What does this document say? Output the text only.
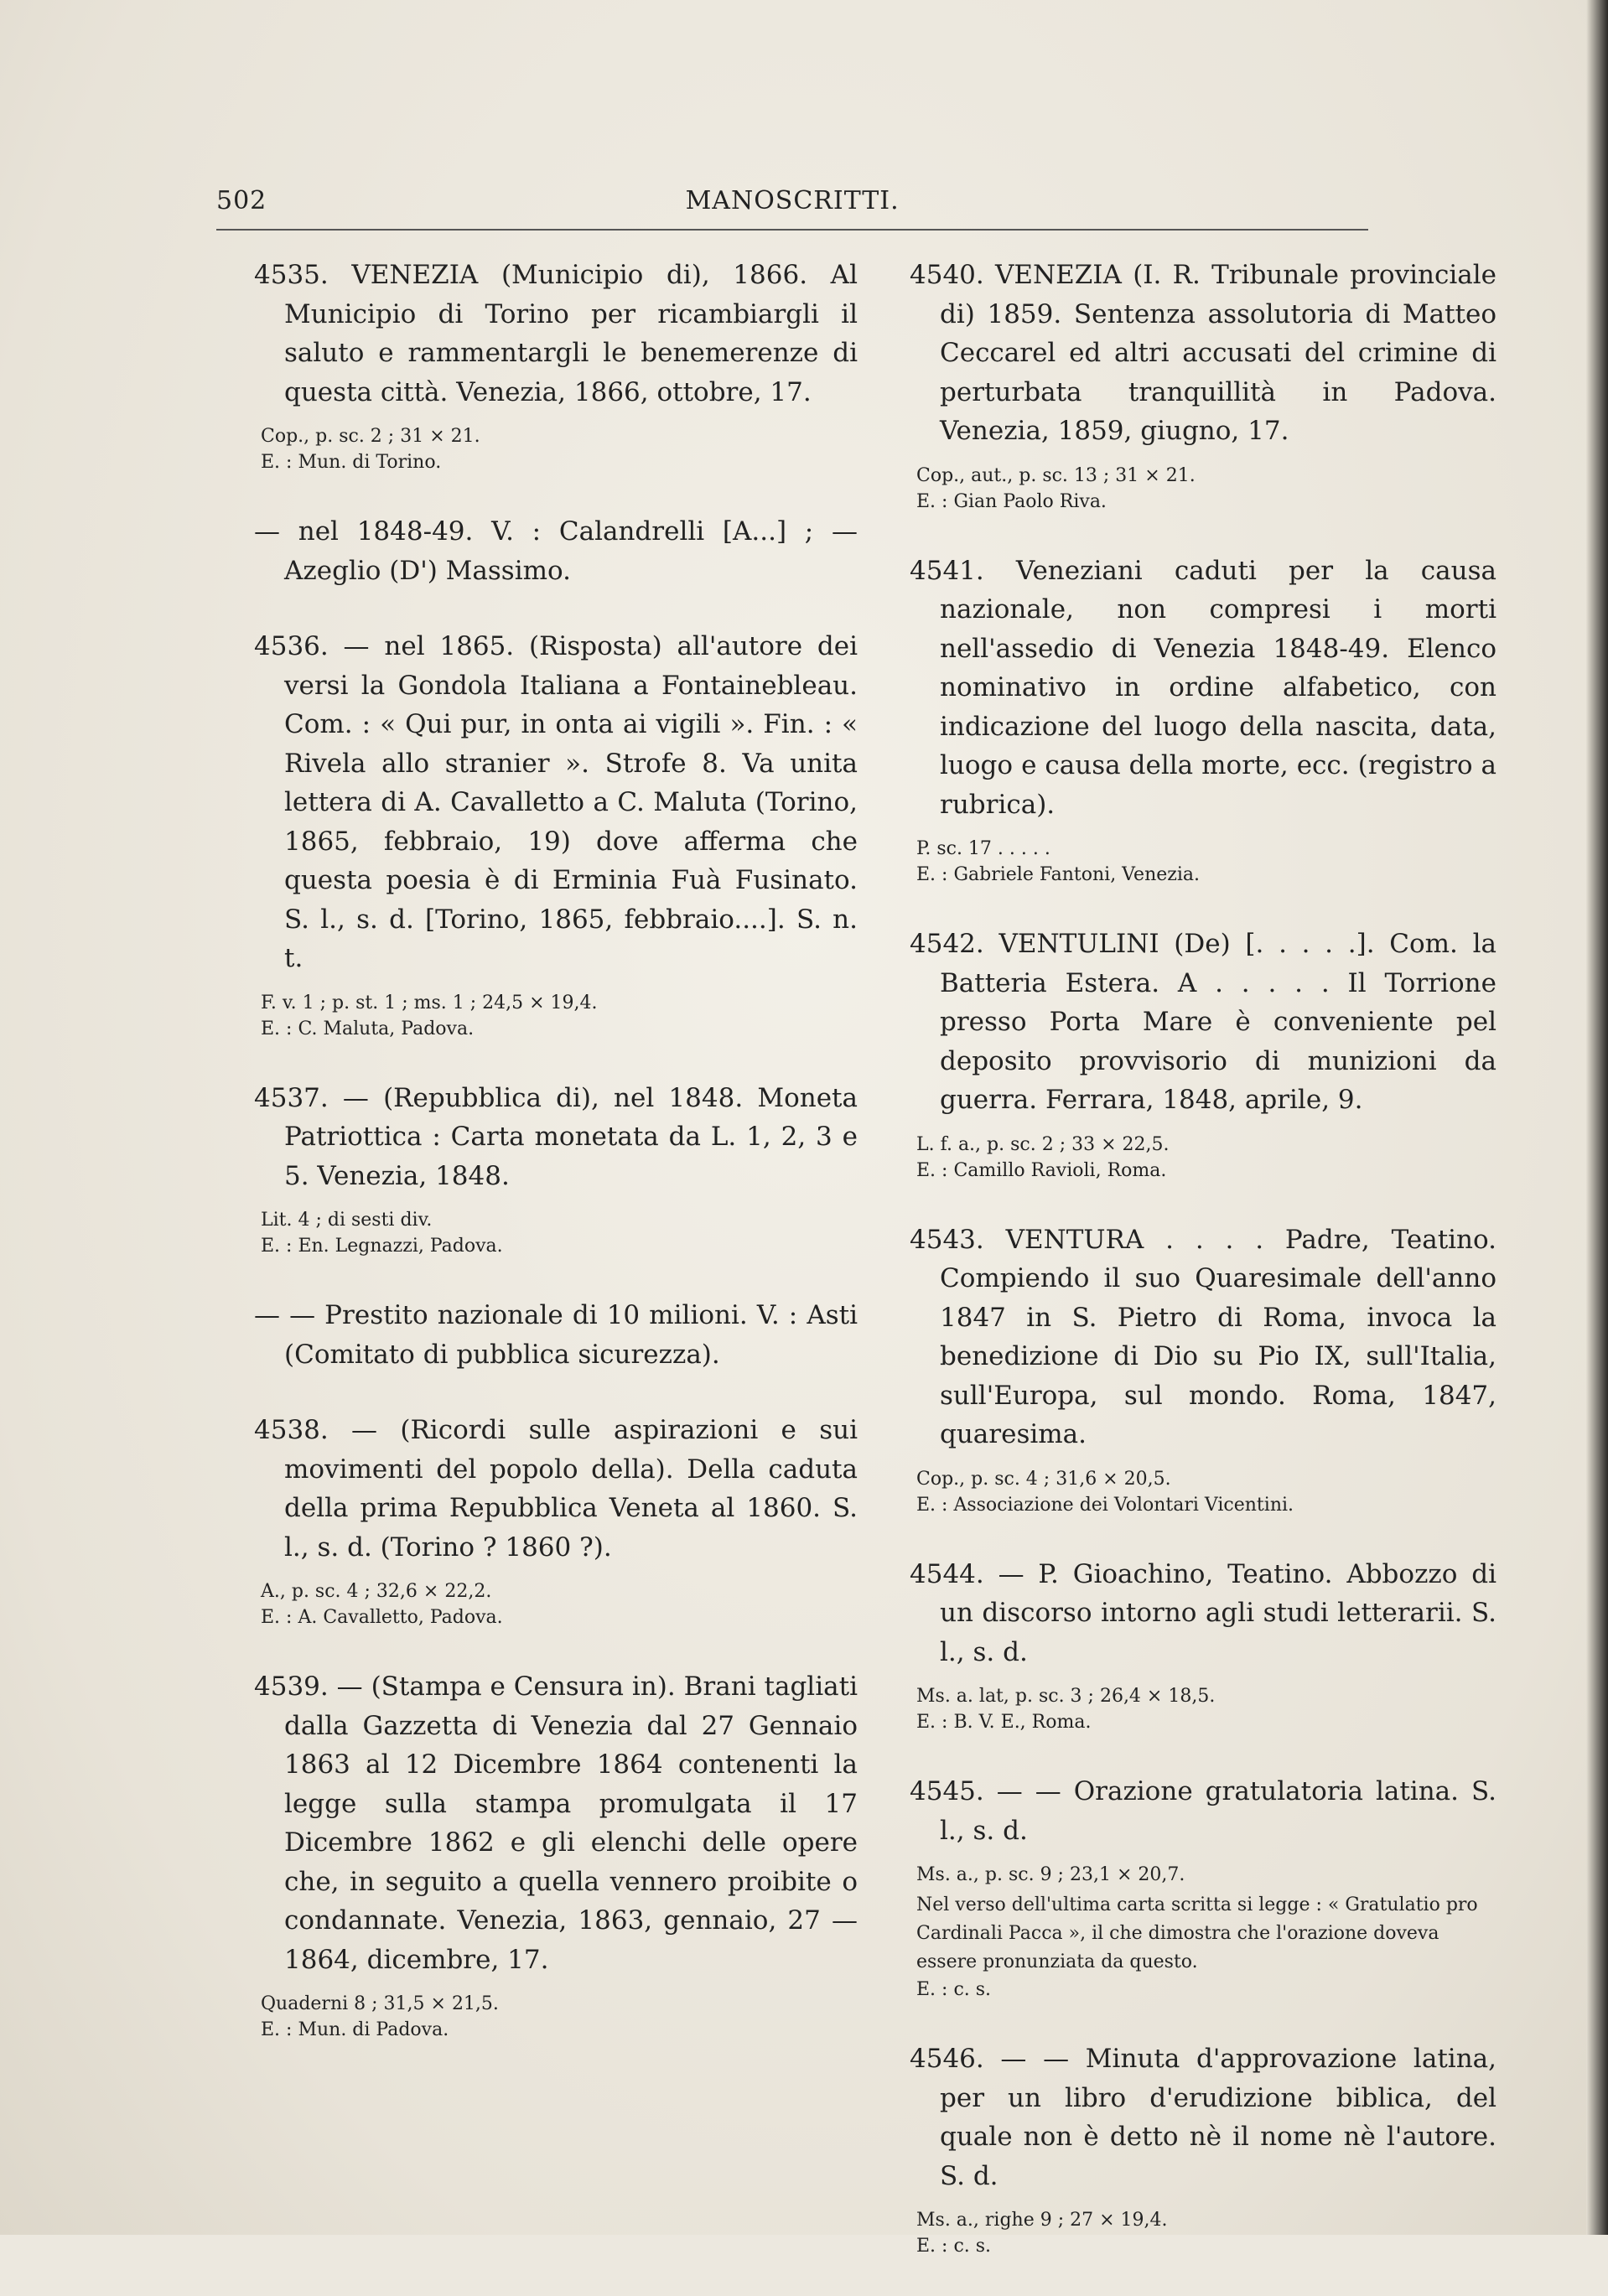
502	MANOSCRITTI.

4535. VENEZIA (Municipio di), 1866. Al Municipio di Torino per ricambiargli il saluto e rammentargli le benemerenze di questa città. Venezia, 1866, ottobre, 17.

Cop., p. sc. 2 ; 31 × 21.

E. : Mun. di Torino.

— nel 1848-49. V. : Calandrelli [A...] ; — Azeglio (D') Massimo.

4536. — nel 1865. (Risposta) all'autore dei versi la Gondola Italiana a Fontainebleau. Com. : « Qui pur, in onta ai vigili ». Fin. : « Rivela allo stranier ». Strofe 8. Va unita lettera di A. Cavalletto a C. Maluta (Torino, 1865, febbraio, 19) dove afferma che questa poesia è di Erminia Fuà Fusinato. S. l., s. d. [Torino, 1865, febbraio....]. S. n. t.

F. v. 1 ; p. st. 1 ; ms. 1 ; 24,5 × 19,4.

E. : C. Maluta, Padova.

4537. — (Repubblica di), nel 1848. Moneta Patriottica : Carta monetata da L. 1, 2, 3 e 5. Venezia, 1848.

Lit. 4 ; di sesti div.

E. : En. Legnazzi, Padova.

— — Prestito nazionale di 10 milioni. V. : Asti (Comitato di pubblica sicurezza).

4538. — (Ricordi sulle aspirazioni e sui movimenti del popolo della). Della caduta della prima Repubblica Veneta al 1860. S. l., s. d. (Torino ? 1860 ?).

A., p. sc. 4 ; 32,6 × 22,2.

E. : A. Cavalletto, Padova.

4539. — (Stampa e Censura in). Brani tagliati dalla Gazzetta di Venezia dal 27 Gennaio 1863 al 12 Dicembre 1864 contenenti la legge sulla stampa promulgata il 17 Dicembre 1862 e gli elenchi delle opere che, in seguito a quella vennero proibite o condannate. Venezia, 1863, gennaio, 27 — 1864, dicembre, 17.

Quaderni 8 ; 31,5 × 21,5.

E. : Mun. di Padova.

4540. VENEZIA (I. R. Tribunale provinciale di) 1859. Sentenza assolutoria di Matteo Ceccarel ed altri accusati del crimine di perturbata tranquillità in Padova. Venezia, 1859, giugno, 17.

Cop., aut., p. sc. 13 ; 31 × 21.

E. : Gian Paolo Riva.

4541. Veneziani caduti per la causa nazionale, non compresi i morti nell'assedio di Venezia 1848-49. Elenco nominativo in ordine alfabetico, con indicazione del luogo della nascita, data, luogo e causa della morte, ecc. (registro a rubrica).

P. sc. 17 . . . . .

E. : Gabriele Fantoni, Venezia.

4542. VENTULINI (De) [. . . . .]. Com. la Batteria Estera. A . . . . . Il Torrione presso Porta Mare è conveniente pel deposito provvisorio di munizioni da guerra. Ferrara, 1848, aprile, 9.

L. f. a., p. sc. 2 ; 33 × 22,5.

E. : Camillo Ravioli, Roma.

4543. VENTURA . . . . Padre, Teatino. Compiendo il suo Quaresimale dell'anno 1847 in S. Pietro di Roma, invoca la benedizione di Dio su Pio IX, sull'Italia, sull'Europa, sul mondo. Roma, 1847, quaresima.

Cop., p. sc. 4 ; 31,6 × 20,5.

E. : Associazione dei Volontari Vicentini.

4544. — P. Gioachino, Teatino. Abbozzo di un discorso intorno agli studi letterarii. S. l., s. d.

Ms. a. lat, p. sc. 3 ; 26,4 × 18,5.

E. : B. V. E., Roma.

4545. — — Orazione gratulatoria latina. S. l., s. d.

Ms. a., p. sc. 9 ; 23,1 × 20,7.

Nel verso dell'ultima carta scritta si legge : « Gratulatio pro Cardinali Pacca », il che dimostra che l'orazione doveva essere pronunziata da questo.

E. : c. s.

4546. — — Minuta d'approvazione latina, per un libro d'erudizione biblica, del quale non è detto nè il nome nè l'autore. S. d.

Ms. a., righe 9 ; 27 × 19,4.

E. : c. s.
